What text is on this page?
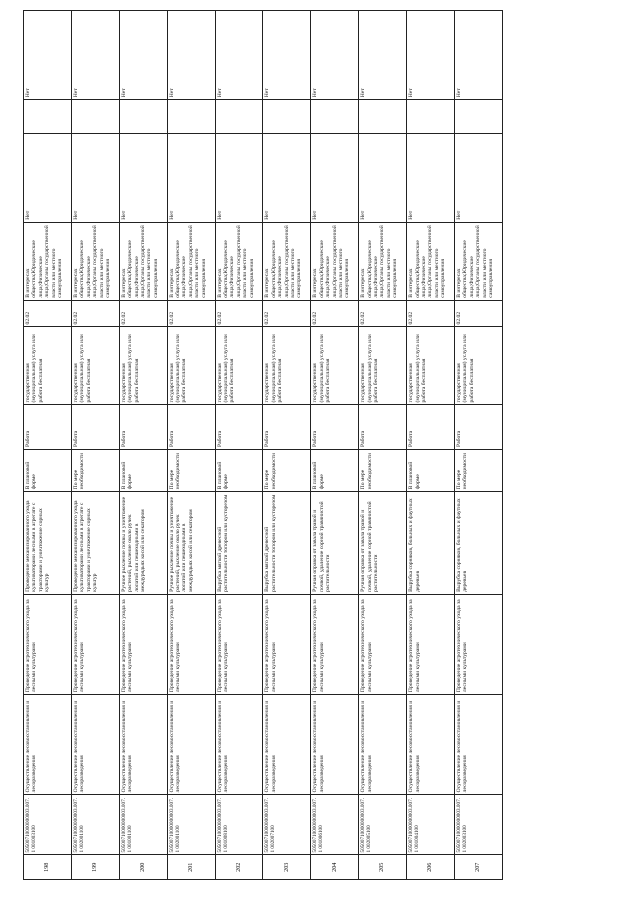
198	50500710000000003.007.1 001003100	Осуществление лесовосстановления и лесоразведения	Проведение агротехнического ухода за лесными культурами	Проведение механизированного ухода культиваторами лесными в агрегате с тракторами и уничтожение сорных культур	В плановой форме	Работа	государственная (муниципальная) услуга или работа бесплатная	02.02	В интересах общества;Юридические лица;Физические лица;Органы государственной власти или местного самоуправления	Нет		Нет
199	50500710000000003.007.1 002001100	Осуществление лесовосстановления и лесоразведения	Проведение агротехнического ухода за лесными культурами	Проведение механизированного ухода культиваторами лесными в агрегате с тракторами и уничтожение сорных культур	По мере необходимости	Работа	государственная (муниципальная) услуга или работа бесплатная	02.02	В интересах общества;Юридические лица;Физические лица;Органы государственной власти или местного самоуправления	Нет		Нет
200	50500710000000003.007.1 001001100	Осуществление лесовосстановления и лесоразведения	Проведение агротехнического ухода за лесными культурами	Ручное рыхление почвы и уничтожение растений, рыхление около ручек лопатой или пешеходными в междурядьях косой или секатором	В плановой форме	Работа	государственная (муниципальная) услуга или работа бесплатная	02.02	В интересах общества;Юридические лица;Физические лица;Органы государственной власти или местного самоуправления	Нет		Нет
201	50500710000000003.007.1 002001100	Осуществление лесовосстановления и лесоразведения	Проведение агротехнического ухода за лесными культурами	Ручное рыхление почвы и уничтожение растений, рыхление около ручек лопатой или пешеходными в междурядьях косой или секатором	По мере необходимости	Работа	государственная (муниципальная) услуга или работа бесплатная	02.02	В интересах общества;Юридические лица;Физические лица;Органы государственной власти или местного самоуправления	Нет		Нет
202	50500710000000003.007.1 001008100	Осуществление лесовосстановления и лесоразведения	Проведение агротехнического ухода за лесными культурами	Вырубка мягкой древесной растительности топором или кусторезом	В плановой форме	Работа	государственная (муниципальная) услуга или работа бесплатная	02.02	В интересах общества;Юридические лица;Физические лица;Органы государственной власти или местного самоуправления	Нет		Нет
203	50500710000000003.007.1 002007100	Осуществление лесовосстановления и лесоразведения	Проведение агротехнического ухода за лесными культурами	Вырубка мягкой древесной растительности топором или кусторезом	По мере необходимости	Работа	государственная (муниципальная) услуга или работа бесплатная	02.02	В интересах общества;Юридические лица;Физические лица;Органы государственной власти или местного самоуправления	Нет		Нет
204	50500710000000003.007.1 001006100	Осуществление лесовосстановления и лесоразведения	Проведение агротехнического ухода за лесными культурами	Ручная оправка от завала травой и почвой, удаление сорной травянистой растительности	В плановой форме	Работа	государственная (муниципальная) услуга или работа бесплатная	02.02	В интересах общества;Юридические лица;Физические лица;Органы государственной власти или местного самоуправления	Нет		Нет
205	50500710000000003.007.1 002005100	Осуществление лесовосстановления и лесоразведения	Проведение агротехнического ухода за лесными культурами	Ручная оправка от завала травой и почвой, удаление сорной травянистой растительности	По мере необходимости	Работа	государственная (муниципальная) услуга или работа бесплатная	02.02	В интересах общества;Юридические лица;Физические лица;Органы государственной власти или местного самоуправления	Нет		Нет
206	50500710000000003.007.1 001004100	Осуществление лесовосстановления и лесоразведения	Проведение агротехнического ухода за лесными культурами	Вырубка сорняков, больных и фаутных деревьев	В плановой форме	Работа	государственная (муниципальная) услуга или работа бесплатная	02.02	В интересах общества;Юридические лица;Физические лица;Органы государственной власти или местного самоуправления	Нет		Нет
207	50500710000000003.007.1 002003100	Осуществление лесовосстановления и лесоразведения	Проведение агротехнического ухода за лесными культурами	Вырубка сорняков, больных и фаутных деревьев	По мере необходимости	Работа	государственная (муниципальная) услуга или работа бесплатная	02.02	В интересах общества;Юридические лица;Физические лица;Органы государственной власти или местного самоуправления	Нет		Нет
